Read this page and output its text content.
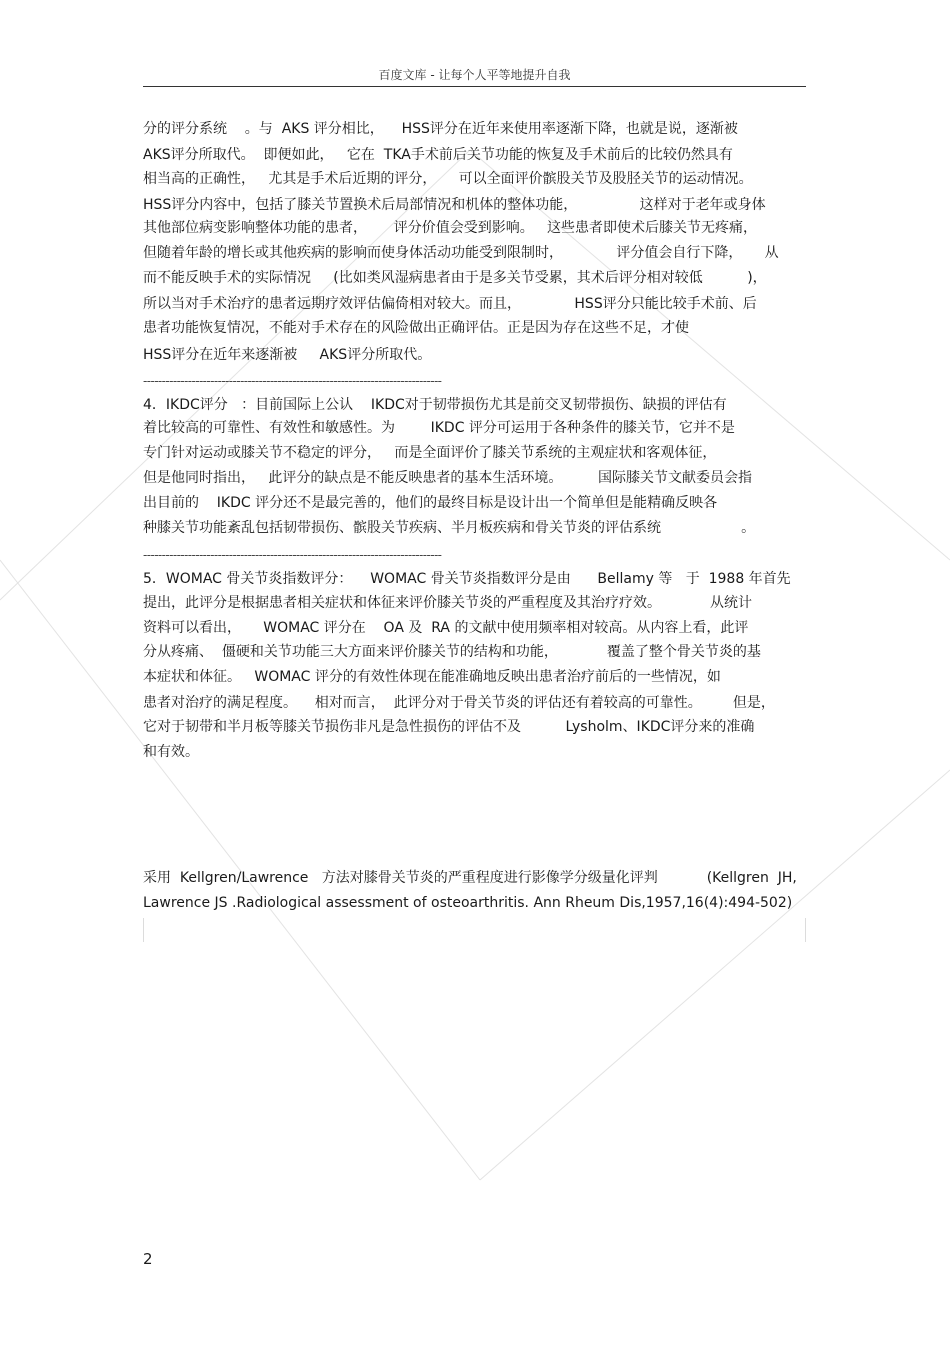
百度文库 - 让每个人平等地提升自我
分的评分系统    。与  AKS 评分相比，    HSS评分在近年来使用率逐渐下降，也就是说，逐渐被
AKS评分所取代。  即便如此，   它在  TKA手术前后关节功能的恢复及手术前后的比较仍然具有
相当高的正确性，   尤其是手术后近期的评分，     可以全面评价髌股关节及股胫关节的运动情况。
HSS评分内容中，包括了膝关节置换术后局部情况和机体的整体功能，              这样对于老年或身体
其他部位病变影响整体功能的患者，      评分价值会受到影响。   这些患者即使术后膝关节无疼痛，
但随着年龄的增长或其他疾病的影响而使身体活动功能受到限制时，            评分值会自行下降，     从
而不能反映手术的实际情况     (比如类风湿病患者由于是多关节受累，其术后评分相对较低          )，
所以当对手术治疗的患者远期疗效评估偏倚相对较大。而且，            HSS评分只能比较手术前、后
患者功能恢复情况，不能对手术存在的风险做出正确评估。正是因为存在这些不足，才使
HSS评分在近年来逐渐被     AKS评分所取代。
--------------------------------------------------------------------------------
4．IKDC评分   ：目前国际上公认    IKDC对于韧带损伤尤其是前交叉韧带损伤、缺损的评估有
着比较高的可靠性、有效性和敏感性。为        IKDC 评分可运用于各种条件的膝关节，它并不是
专门针对运动或膝关节不稳定的评分，   而是全面评价了膝关节系统的主观症状和客观体征，
但是他同时指出，   此评分的缺点是不能反映患者的基本生活环境。        国际膝关节文献委员会指
出目前的    IKDC 评分还不是最完善的，他们的最终目标是设计出一个简单但是能精确反映各
种膝关节功能紊乱包括韧带损伤、髌股关节疾病、半月板疾病和骨关节炎的评估系统                  。
--------------------------------------------------------------------------------
5．WOMAC 骨关节炎指数评分：    WOMAC 骨关节炎指数评分是由      Bellamy 等   于  1988 年首先
提出，此评分是根据患者相关症状和体征来评价膝关节炎的严重程度及其治疗疗效。           从统计
资料可以看出，     WOMAC 评分在    OA 及  RA 的文献中使用频率相对较高。从内容上看，此评
分从疼痛、  僵硬和关节功能三大方面来评价膝关节的结构和功能，           覆盖了整个骨关节炎的基
本症状和体征。   WOMAC 评分的有效性体现在能准确地反映出患者治疗前后的一些情况，如
患者对治疗的满足程度。    相对而言，  此评分对于骨关节炎的评估还有着较高的可靠性。       但是，
它对于韧带和半月板等膝关节损伤非凡是急性损伤的评估不及          Lysholm、IKDC评分来的准确
和有效。
采用  Kellgren/Lawrence   方法对膝骨关节炎的严重程度进行影像学分级量化评判           (Kellgren  JH,
Lawrence JS .Radiological assessment of osteoarthritis. Ann Rheum Dis,1957,16(4):494-502)
2
